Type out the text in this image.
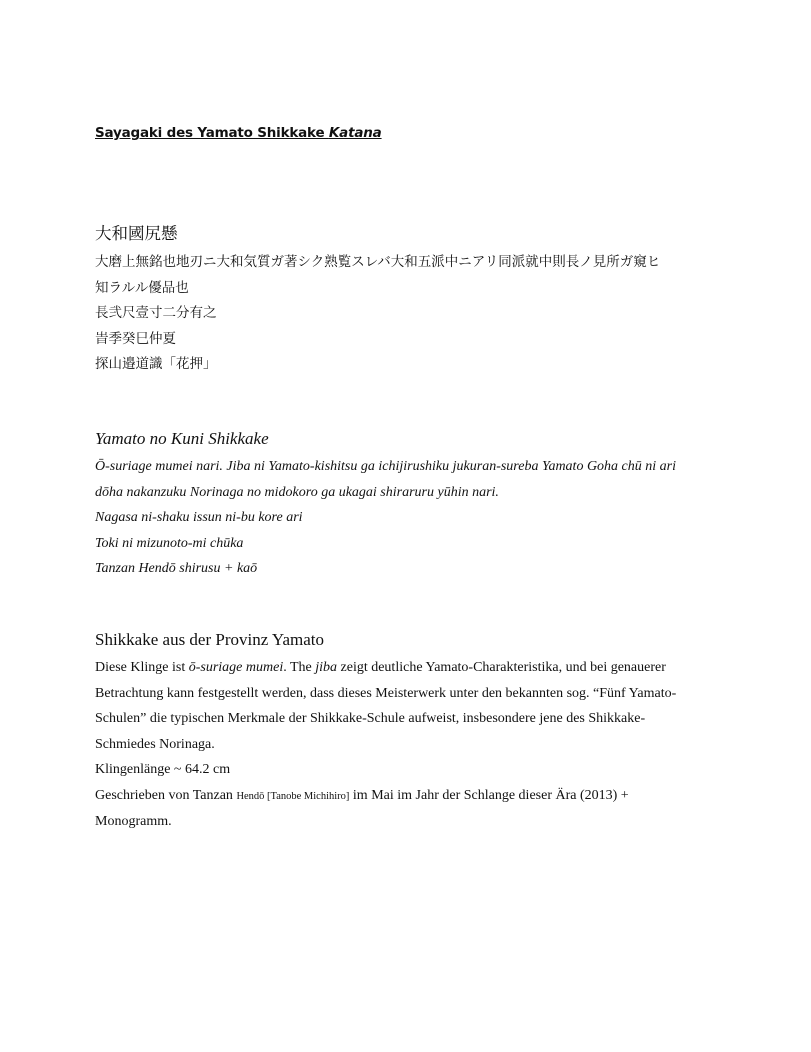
Sayagaki des Yamato Shikkake Katana
大和國尻懸
大磨上無銘也地刃ニ大和気質ガ著シク熟覧スレバ大和五派中ニアリ同派就中則長ノ見所ガ窺ヒ
知ラルル優品也
長弐尺壹寸二分有之
旹季癸巳仲夏
探山邉道識「花押」
Yamato no Kuni Shikkake
Ō-suriage mumei nari. Jiba ni Yamato-kishitsu ga ichijirushiku jukuran-sureba Yamato Goha chū ni ari
dōha nakanzuku Norinaga no midokoro ga ukagai shiraruru yūhin nari.
Nagasa ni-shaku issun ni-bu kore ari
Toki ni mizunoto-mi chūka
Tanzan Hendō shirusu + kaō
Shikkake aus der Provinz Yamato
Diese Klinge ist ō-suriage mumei. The jiba zeigt deutliche Yamato-Charakteristika, und bei genauerer
Betrachtung kann festgestellt werden, dass dieses Meisterwerk unter den bekannten sog. “Fünf Yamato-
Schulen” die typischen Merkmale der Shikkake-Schule aufweist, insbesondere jene des Shikkake-
Schmiedes Norinaga.
Klingenlänge ~ 64.2 cm
Geschrieben von Tanzan Hendō [Tanobe Michihiro] im Mai im Jahr der Schlange dieser Ära (2013) +
Monogramm.
